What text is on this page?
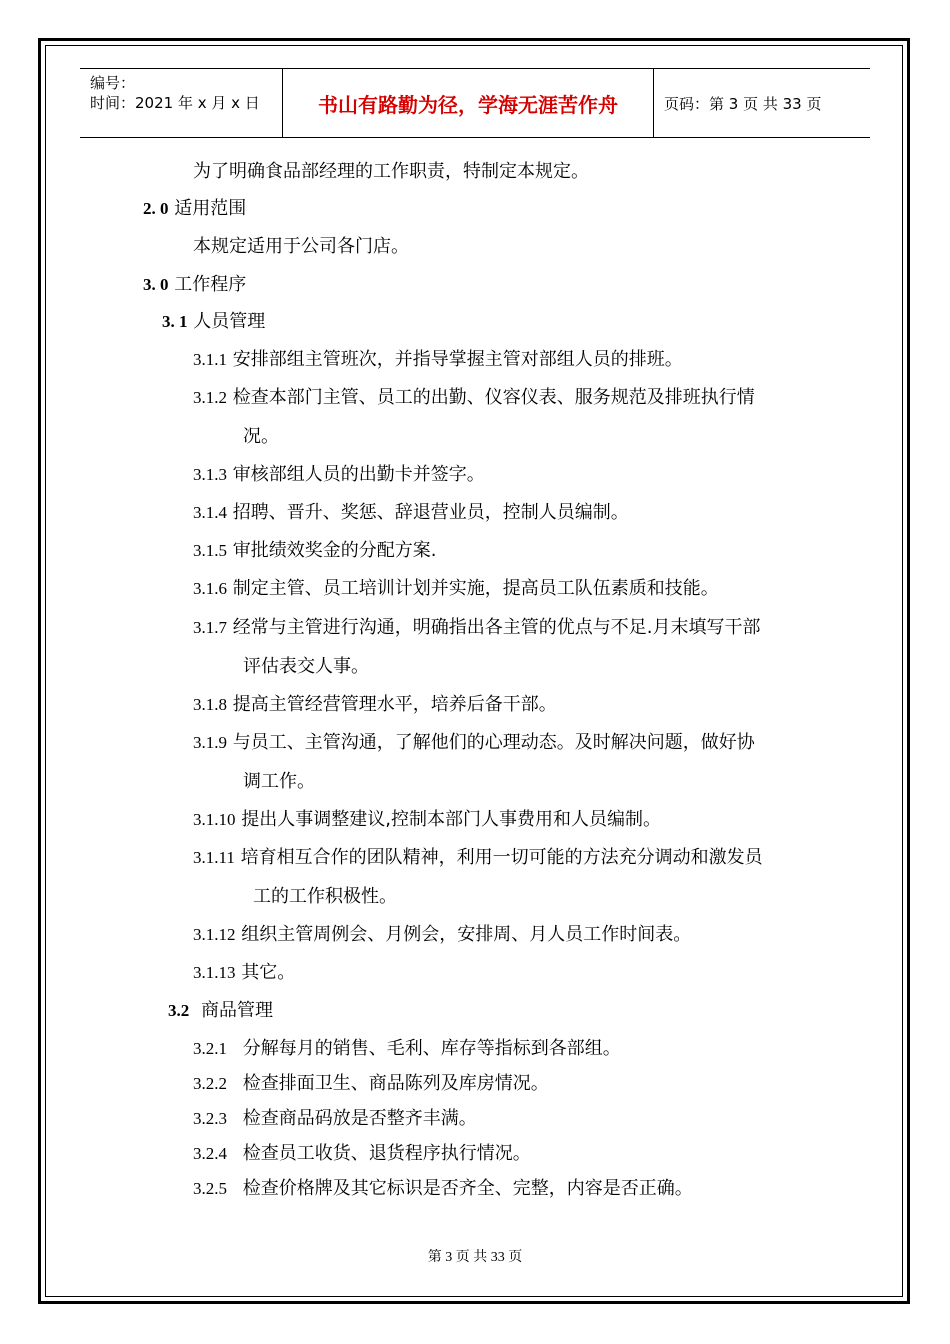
编号：
时间：2021 年 x 月 x 日	书山有路勤为径，学海无涯苦作舟	页码：第 3 页 共 33 页
为了明确食品部经理的工作职责，特制定本规定。
2. 0 适用范围
本规定适用于公司各门店。
3. 0 工作程序
3. 1 人员管理
3.1.1 安排部组主管班次，并指导掌握主管对部组人员的排班。
3.1.2 检查本部门主管、员工的出勤、仪容仪表、服务规范及排班执行情
况。
3.1.3 审核部组人员的出勤卡并签字。
3.1.4 招聘、晋升、奖惩、辞退营业员，控制人员编制。
3.1.5 审批绩效奖金的分配方案.
3.1.6 制定主管、员工培训计划并实施，提高员工队伍素质和技能。
3.1.7 经常与主管进行沟通，明确指出各主管的优点与不足.月末填写干部
评估表交人事。
3.1.8 提高主管经营管理水平，培养后备干部。
3.1.9 与员工、主管沟通，了解他们的心理动态。及时解决问题，做好协
调工作。
3.1.10 提出人事调整建议,控制本部门人事费用和人员编制。
3.1.11 培育相互合作的团队精神，利用一切可能的方法充分调动和激发员
工的工作积极性。
3.1.12 组织主管周例会、月例会，安排周、月人员工作时间表。
3.1.13 其它。
3.2 商品管理
3.2.1 分解每月的销售、毛利、库存等指标到各部组。
3.2.2 检查排面卫生、商品陈列及库房情况。
3.2.3 检查商品码放是否整齐丰满。
3.2.4 检查员工收货、退货程序执行情况。
3.2.5 检查价格牌及其它标识是否齐全、完整，内容是否正确。
第 3 页 共 33 页
